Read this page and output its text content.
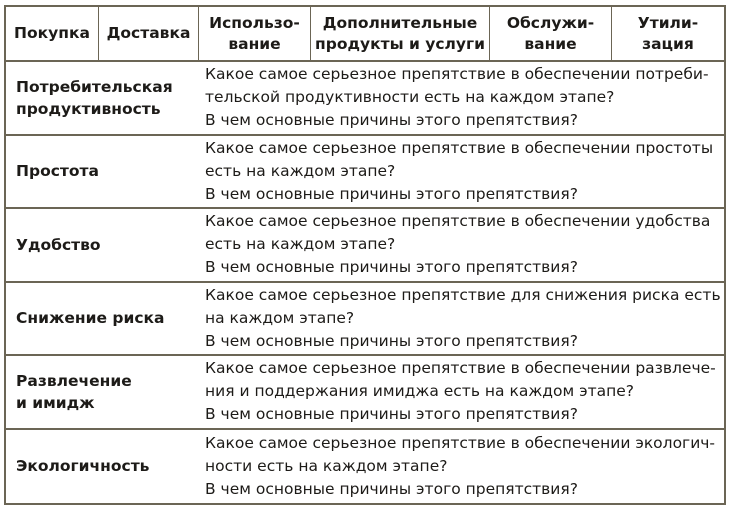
Покупка Доставка
Использо-
вание
Дополнительные
продукты и услуги
Обслужи-
вание
Утили-
зация
Потребительская
продуктивность
Какое самое серьезное препятствие в обеспечении потреби-
тельской продуктивности есть на каждом этапе?
В чем основные причины этого препятствия?
Простота
Какое самое серьезное препятствие в обеспечении простоты
есть на каждом этапе?
В чем основные причины этого препятствия?
Удобство
Какое самое серьезное препятствие в обеспечении удобства
есть на каждом этапе?
В чем основные причины этого препятствия?
Снижение риска
Какое самое серьезное препятствие для снижения риска есть
на каждом этапе?
В чем основные причины этого препятствия?
Развлечение
и имидж
Какое самое серьезное препятствие в обеспечении развлече-
ния и поддержания имиджа есть на каждом этапе?
В чем основные причины этого препятствия?
Экологичность
Какое самое серьезное препятствие в обеспечении экологич-
ности есть на каждом этапе?
В чем основные причины этого препятствия?
